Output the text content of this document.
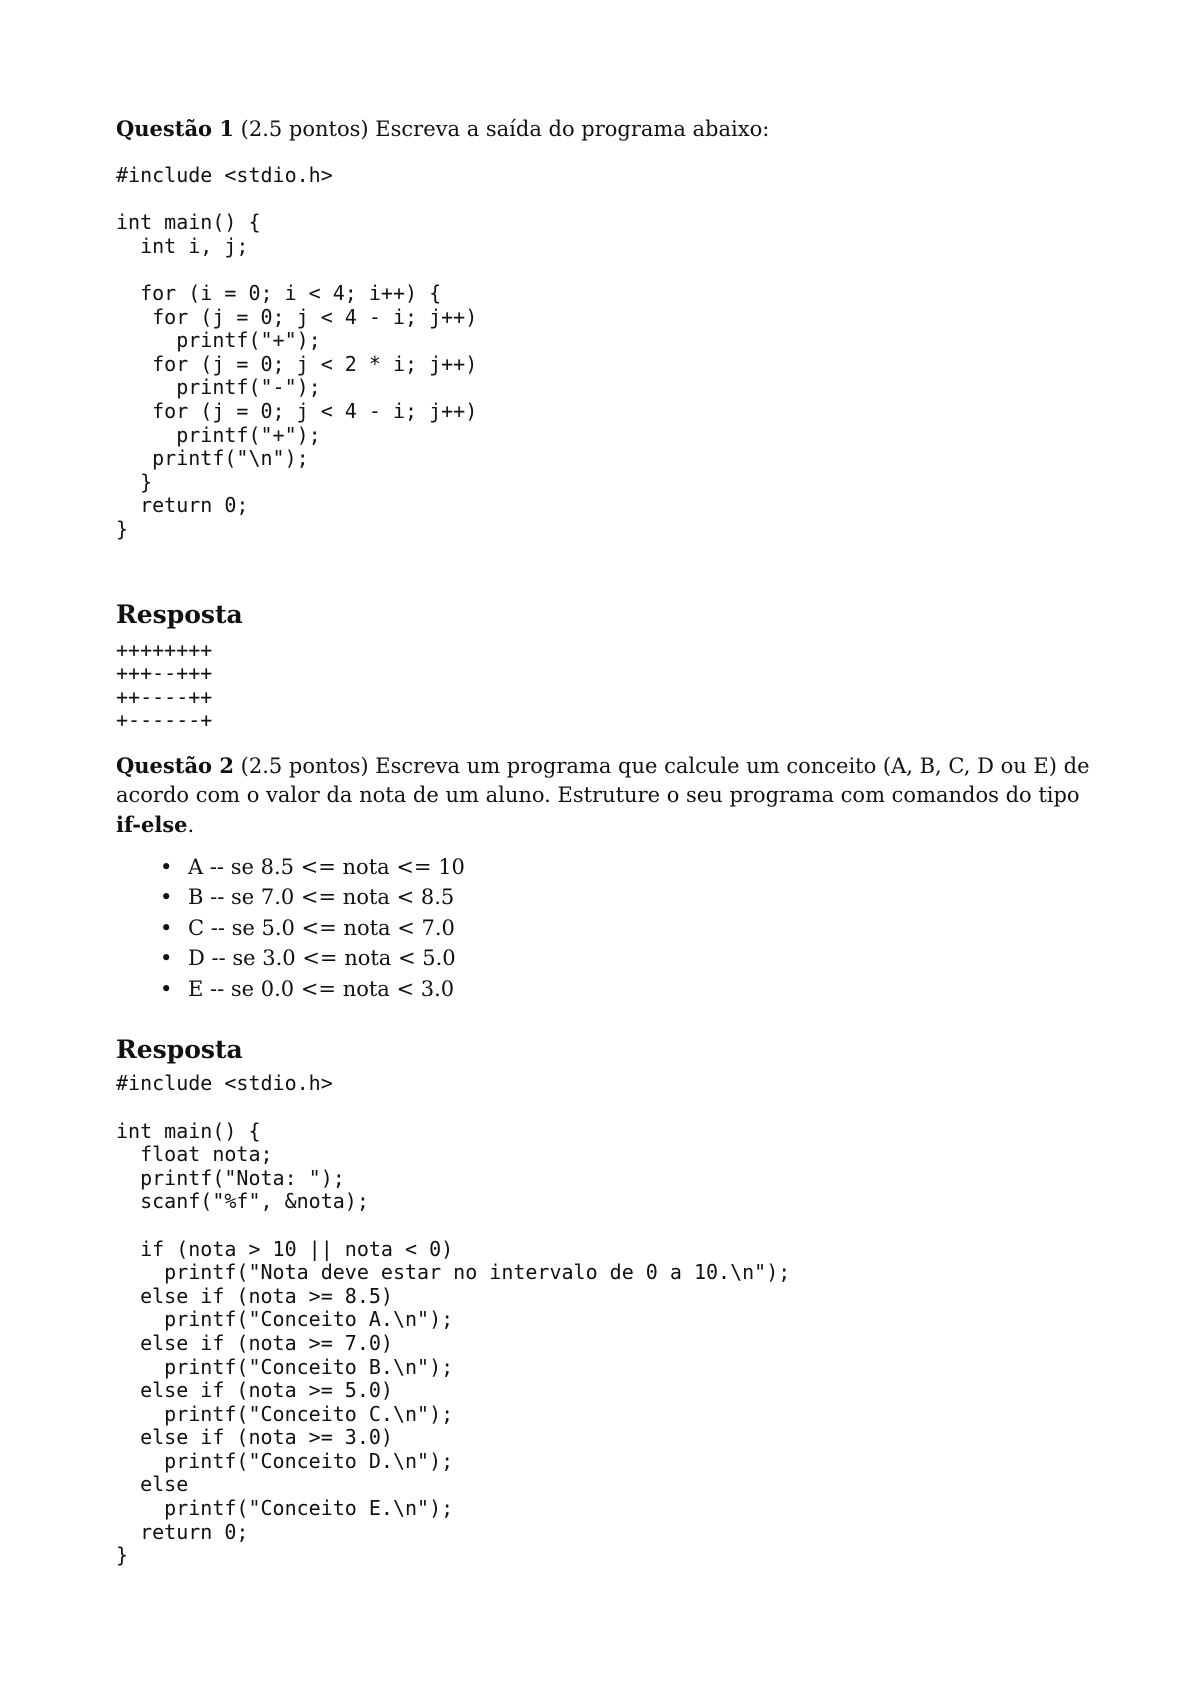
Questão 1 (2.5 pontos) Escreva a saída do programa abaixo:

#include <stdio.h>

int main() {
int i, j;

for (i = 0; i < 4; i++) {
for (j = 0; j < 4 - i; j++)
printf("+");
for (j = 0; j < 2 * i; j++)
printf("-");
for (j = 0; j < 4 - i; j++)
printf("+");
printf("\n");
}
return 0;
}
Resposta
++++++++
+++--+++
++----++
+------+

Questão 2 (2.5 pontos) Escreva um programa que calcule um conceito (A, B, C, D ou E) de acordo com o valor da nota de um aluno. Estruture o seu programa com comandos do tipo if-else.

• A -- se 8.5 <= nota <= 10
• B -- se 7.0 <= nota < 8.5
• C -- se 5.0 <= nota < 7.0
• D -- se 3.0 <= nota < 5.0
• E -- se 0.0 <= nota < 3.0
Resposta
#include <stdio.h>

int main() {
float nota;
printf("Nota: ");
scanf("%f", &nota);

if (nota > 10 || nota < 0)
printf("Nota deve estar no intervalo de 0 a 10.\n");
else if (nota >= 8.5)
printf("Conceito A.\n");
else if (nota >= 7.0)
printf("Conceito B.\n");
else if (nota >= 5.0)
printf("Conceito C.\n");
else if (nota >= 3.0)
printf("Conceito D.\n");
else
printf("Conceito E.\n");
return 0;
}
